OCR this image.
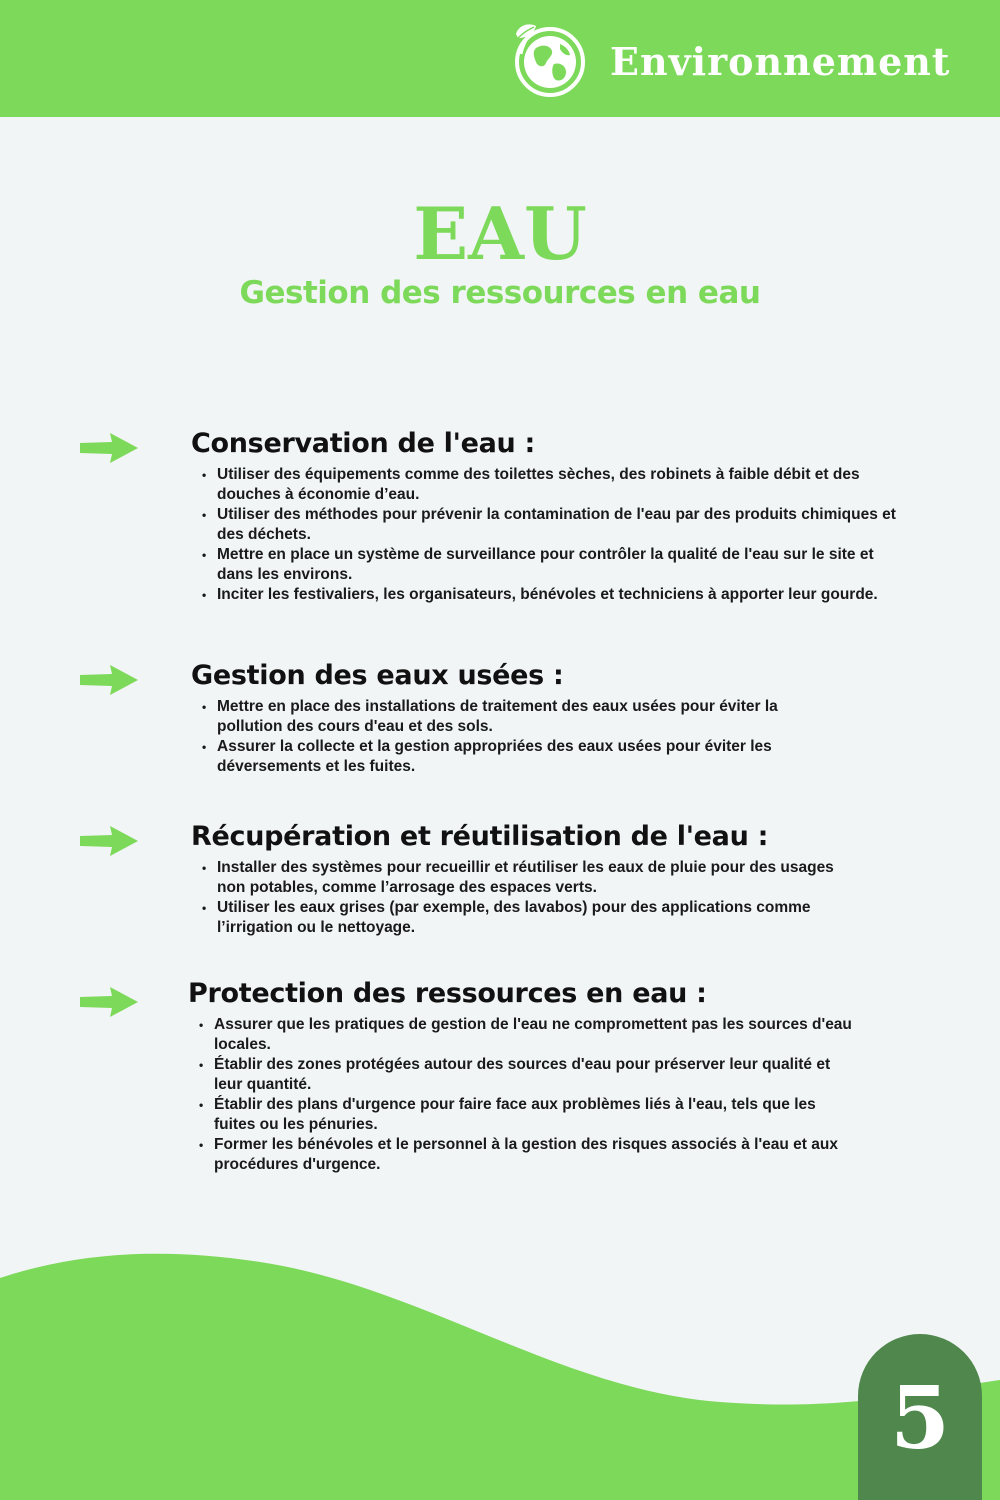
Environnement
EAU
Gestion des ressources en eau
Conservation de l'eau :
• Utiliser des équipements comme des toilettes sèches, des robinets à faible débit et des douches à économie d’eau.
• Utiliser des méthodes pour prévenir la contamination de l'eau par des produits chimiques et des déchets.
• Mettre en place un système de surveillance pour contrôler la qualité de l'eau sur le site et dans les environs.
• Inciter les festivaliers, les organisateurs, bénévoles et techniciens à apporter leur gourde.
Gestion des eaux usées :
• Mettre en place des installations de traitement des eaux usées pour éviter la pollution des cours d'eau et des sols.
• Assurer la collecte et la gestion appropriées des eaux usées pour éviter les déversements et les fuites.
Récupération et réutilisation de l'eau :
• Installer des systèmes pour recueillir et réutiliser les eaux de pluie pour des usages non potables, comme l’arrosage des espaces verts.
• Utiliser les eaux grises (par exemple, des lavabos) pour des applications comme l’irrigation ou le nettoyage.
Protection des ressources en eau :
• Assurer que les pratiques de gestion de l'eau ne compromettent pas les sources d'eau locales.
• Établir des zones protégées autour des sources d'eau pour préserver leur qualité et leur quantité.
• Établir des plans d'urgence pour faire face aux problèmes liés à l'eau, tels que les fuites ou les pénuries.
• Former les bénévoles et le personnel à la gestion des risques associés à l'eau et aux procédures d'urgence.
5
